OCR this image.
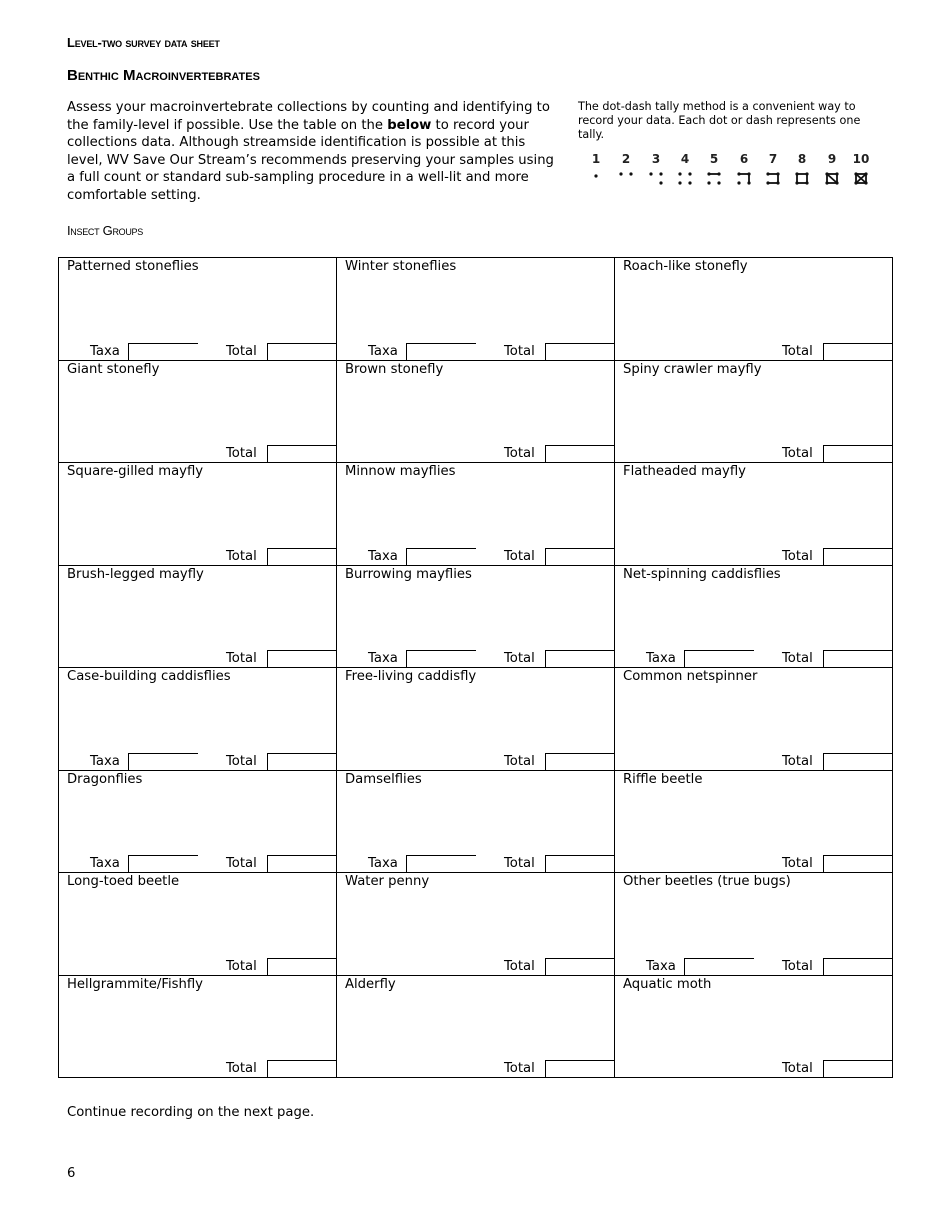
Level-two survey data sheet
Benthic Macroinvertebrates
Assess your macroinvertebrate collections by counting and identifying to the family-level if possible. Use the table on the below to record your collections data. Although streamside identification is possible at this level, WV Save Our Stream’s recommends preserving your samples using a full count or standard sub-sampling procedure in a well-lit and more comfortable setting.
The dot-dash tally method is a convenient way to record your data. Each dot or dash represents one tally.
1	2	3	4	5	6	7	8	9	10
Insect Groups
Patterned stoneflies
Taxa	Total
Winter stoneflies
Taxa	Total
Roach-like stonefly
Total
Giant stonefly
Total
Brown stonefly
Total
Spiny crawler mayfly
Total
Square-gilled mayfly
Total
Minnow mayflies
Taxa	Total
Flatheaded mayfly
Total
Brush-legged mayfly
Total
Burrowing mayflies
Taxa	Total
Net-spinning caddisflies
Taxa	Total
Case-building caddisflies
Taxa	Total
Free-living caddisfly
Total
Common netspinner
Total
Dragonflies
Taxa	Total
Damselflies
Taxa	Total
Riffle beetle
Total
Long-toed beetle
Total
Water penny
Total
Other beetles (true bugs)
Taxa	Total
Hellgrammite/Fishfly
Total
Alderfly
Total
Aquatic moth
Total
Continue recording on the next page.
6
